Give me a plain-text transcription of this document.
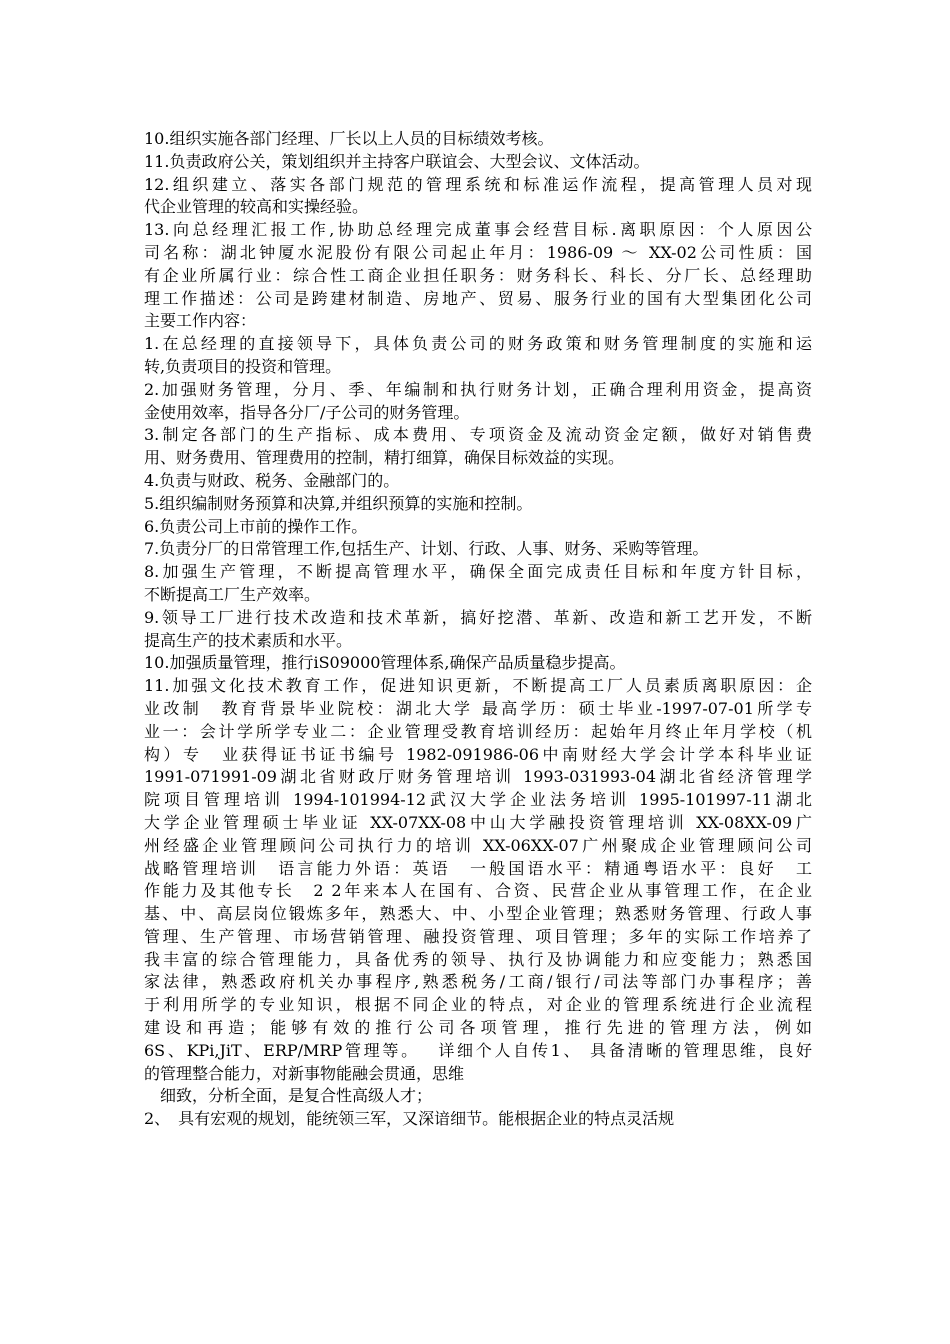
10.组织实施各部门经理、厂长以上人员的目标绩效考核。
11.负责政府公关，策划组织并主持客户联谊会、大型会议、文体活动。
12.组织建立、落实各部门规范的管理系统和标准运作流程，提高管理人员对现
代企业管理的较高和实操经验。
13.向总经理汇报工作,协助总经理完成董事会经营目标.离职原因：个人原因公
司名称：湖北钟厦水泥股份有限公司起止年月：1986-09 ～ XX-02公司性质：国
有企业所属行业：综合性工商企业担任职务：财务科长、科长、分厂长、总经理助
理工作描述：公司是跨建材制造、房地产、贸易、服务行业的国有大型集团化公司
主要工作内容：
1.在总经理的直接领导下，具体负责公司的财务政策和财务管理制度的实施和运
转,负责项目的投资和管理。
2.加强财务管理，分月、季、年编制和执行财务计划，正确合理利用资金，提高资
金使用效率，指导各分厂/子公司的财务管理。
3.制定各部门的生产指标、成本费用、专项资金及流动资金定额，做好对销售费
用、财务费用、管理费用的控制，精打细算，确保目标效益的实现。
4.负责与财政、税务、金融部门的。
5.组织编制财务预算和决算,并组织预算的实施和控制。
6.负责公司上市前的操作工作。
7.负责分厂的日常管理工作,包括生产、计划、行政、人事、财务、采购等管理。
8.加强生产管理，不断提高管理水平，确保全面完成责任目标和年度方针目标，
不断提高工厂生产效率。
9.领导工厂进行技术改造和技术革新，搞好挖潜、革新、改造和新工艺开发，不断
提高生产的技术素质和水平。
10.加强质量管理，推行iS09000管理体系,确保产品质量稳步提高。
11.加强文化技术教育工作，促进知识更新，不断提高工厂人员素质离职原因：企
业改制　教育背景毕业院校：湖北大学 最高学历：硕士毕业-1997-07-01所学专
业一：会计学所学专业二：企业管理受教育培训经历：起始年月终止年月学校（机
构）专　业获得证书证书编号 1982-091986-06中南财经大学会计学本科毕业证
1991-071991-09湖北省财政厅财务管理培训 1993-031993-04湖北省经济管理学
院项目管理培训 1994-101994-12武汉大学企业法务培训 1995-101997-11湖北
大学企业管理硕士毕业证 XX-07XX-08中山大学融投资管理培训 XX-08XX-09广
州经盛企业管理顾问公司执行力的培训 XX-06XX-07广州聚成企业管理顾问公司
战略管理培训　语言能力外语：英语　一般国语水平：精通粤语水平：良好　工
作能力及其他专长　2 2年来本人在国有、合资、民营企业从事管理工作，在企业
基、中、高层岗位锻炼多年，熟悉大、中、小型企业管理；熟悉财务管理、行政人事
管理、生产管理、市场营销管理、融投资管理、项目管理；多年的实际工作培养了
我丰富的综合管理能力，具备优秀的领导、执行及协调能力和应变能力；熟悉国
家法律，熟悉政府机关办事程序,熟悉税务/工商/银行/司法等部门办事程序；善
于利用所学的专业知识，根据不同企业的特点，对企业的管理系统进行企业流程
建设和再造；能够有效的推行公司各项管理，推行先进的管理方法，例如
6S、KPi,JiT、ERP/MRP管理等。　 详细个人自传1、 具备清晰的管理思维，良好
的管理整合能力，对新事物能融会贯通，思维
　细致，分析全面，是复合性高级人才；
2、　具有宏观的规划，能统领三军，又深谙细节。能根据企业的特点灵活规
